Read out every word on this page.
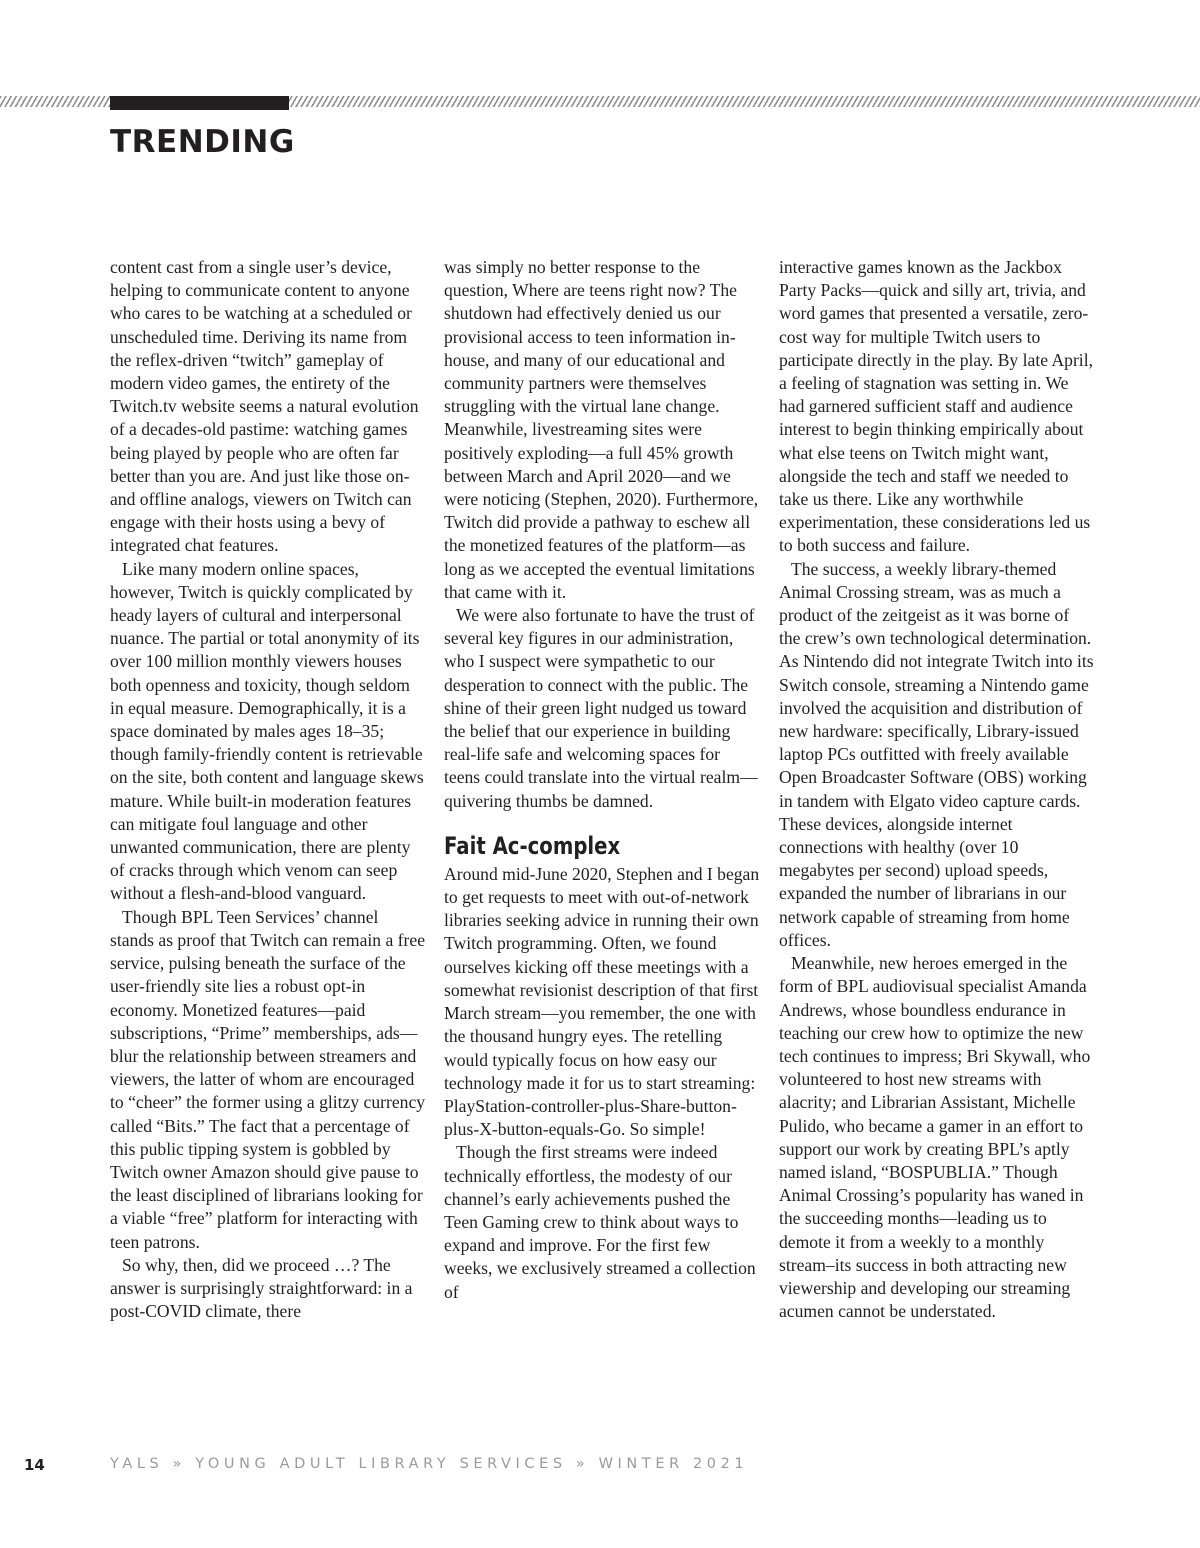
TRENDING

content cast from a single user’s device, helping to communicate content to anyone who cares to be watching at a scheduled or unscheduled time. Deriving its name from the reflex-driven “twitch” gameplay of modern video games, the entirety of the Twitch.tv website seems a natural evolution of a decades-old pastime: watching games being played by people who are often far better than you are. And just like those on- and offline analogs, viewers on Twitch can engage with their hosts using a bevy of integrated chat features.

Like many modern online spaces, however, Twitch is quickly complicated by heady layers of cultural and interpersonal nuance. The partial or total anonymity of its over 100 million monthly viewers houses both openness and toxicity, though seldom in equal measure. Demographically, it is a space dominated by males ages 18–35; though family-friendly content is retrievable on the site, both content and language skews mature. While built-in moderation features can mitigate foul language and other unwanted communication, there are plenty of cracks through which venom can seep without a flesh-and-blood vanguard.

Though BPL Teen Services’ channel stands as proof that Twitch can remain a free service, pulsing beneath the surface of the user-friendly site lies a robust opt-in economy. Monetized features—paid subscriptions, “Prime” memberships, ads—blur the relationship between streamers and viewers, the latter of whom are encouraged to “cheer” the former using a glitzy currency called “Bits.” The fact that a percentage of this public tipping system is gobbled by Twitch owner Amazon should give pause to the least disciplined of librarians looking for a viable “free” platform for interacting with teen patrons.

So why, then, did we proceed …? The answer is surprisingly straightforward: in a post-COVID climate, there

was simply no better response to the question, Where are teens right now? The shutdown had effectively denied us our provisional access to teen information in-house, and many of our educational and community partners were themselves struggling with the virtual lane change. Meanwhile, livestreaming sites were positively exploding—a full 45% growth between March and April 2020—and we were noticing (Stephen, 2020). Furthermore, Twitch did provide a pathway to eschew all the monetized features of the platform—as long as we accepted the eventual limitations that came with it.

We were also fortunate to have the trust of several key figures in our administration, who I suspect were sympathetic to our desperation to connect with the public. The shine of their green light nudged us toward the belief that our experience in building real-life safe and welcoming spaces for teens could translate into the virtual realm—quivering thumbs be damned.

Fait Ac-complex

Around mid-June 2020, Stephen and I began to get requests to meet with out-of-network libraries seeking advice in running their own Twitch programming. Often, we found ourselves kicking off these meetings with a somewhat revisionist description of that first March stream—you remember, the one with the thousand hungry eyes. The retelling would typically focus on how easy our technology made it for us to start streaming: PlayStation-controller-plus-Share-button-plus-X-button-equals-Go. So simple!

Though the first streams were indeed technically effortless, the modesty of our channel’s early achievements pushed the Teen Gaming crew to think about ways to expand and improve. For the first few weeks, we exclusively streamed a collection of

interactive games known as the Jackbox Party Packs—quick and silly art, trivia, and word games that presented a versatile, zero-cost way for multiple Twitch users to participate directly in the play. By late April, a feeling of stagnation was setting in. We had garnered sufficient staff and audience interest to begin thinking empirically about what else teens on Twitch might want, alongside the tech and staff we needed to take us there. Like any worthwhile experimentation, these considerations led us to both success and failure.

The success, a weekly library-themed Animal Crossing stream, was as much a product of the zeitgeist as it was borne of the crew’s own technological determination. As Nintendo did not integrate Twitch into its Switch console, streaming a Nintendo game involved the acquisition and distribution of new hardware: specifically, Library-issued laptop PCs outfitted with freely available Open Broadcaster Software (OBS) working in tandem with Elgato video capture cards. These devices, alongside internet connections with healthy (over 10 megabytes per second) upload speeds, expanded the number of librarians in our network capable of streaming from home offices.

Meanwhile, new heroes emerged in the form of BPL audiovisual specialist Amanda Andrews, whose boundless endurance in teaching our crew how to optimize the new tech continues to impress; Bri Skywall, who volunteered to host new streams with alacrity; and Librarian Assistant, Michelle Pulido, who became a gamer in an effort to support our work by creating BPL’s aptly named island, “BOSPUBLIA.” Though Animal Crossing’s popularity has waned in the succeeding months—leading us to demote it from a weekly to a monthly stream–its success in both attracting new viewership and developing our streaming acumen cannot be understated.

14	YALS » YOUNG ADULT LIBRARY SERVICES » WINTER 2021
